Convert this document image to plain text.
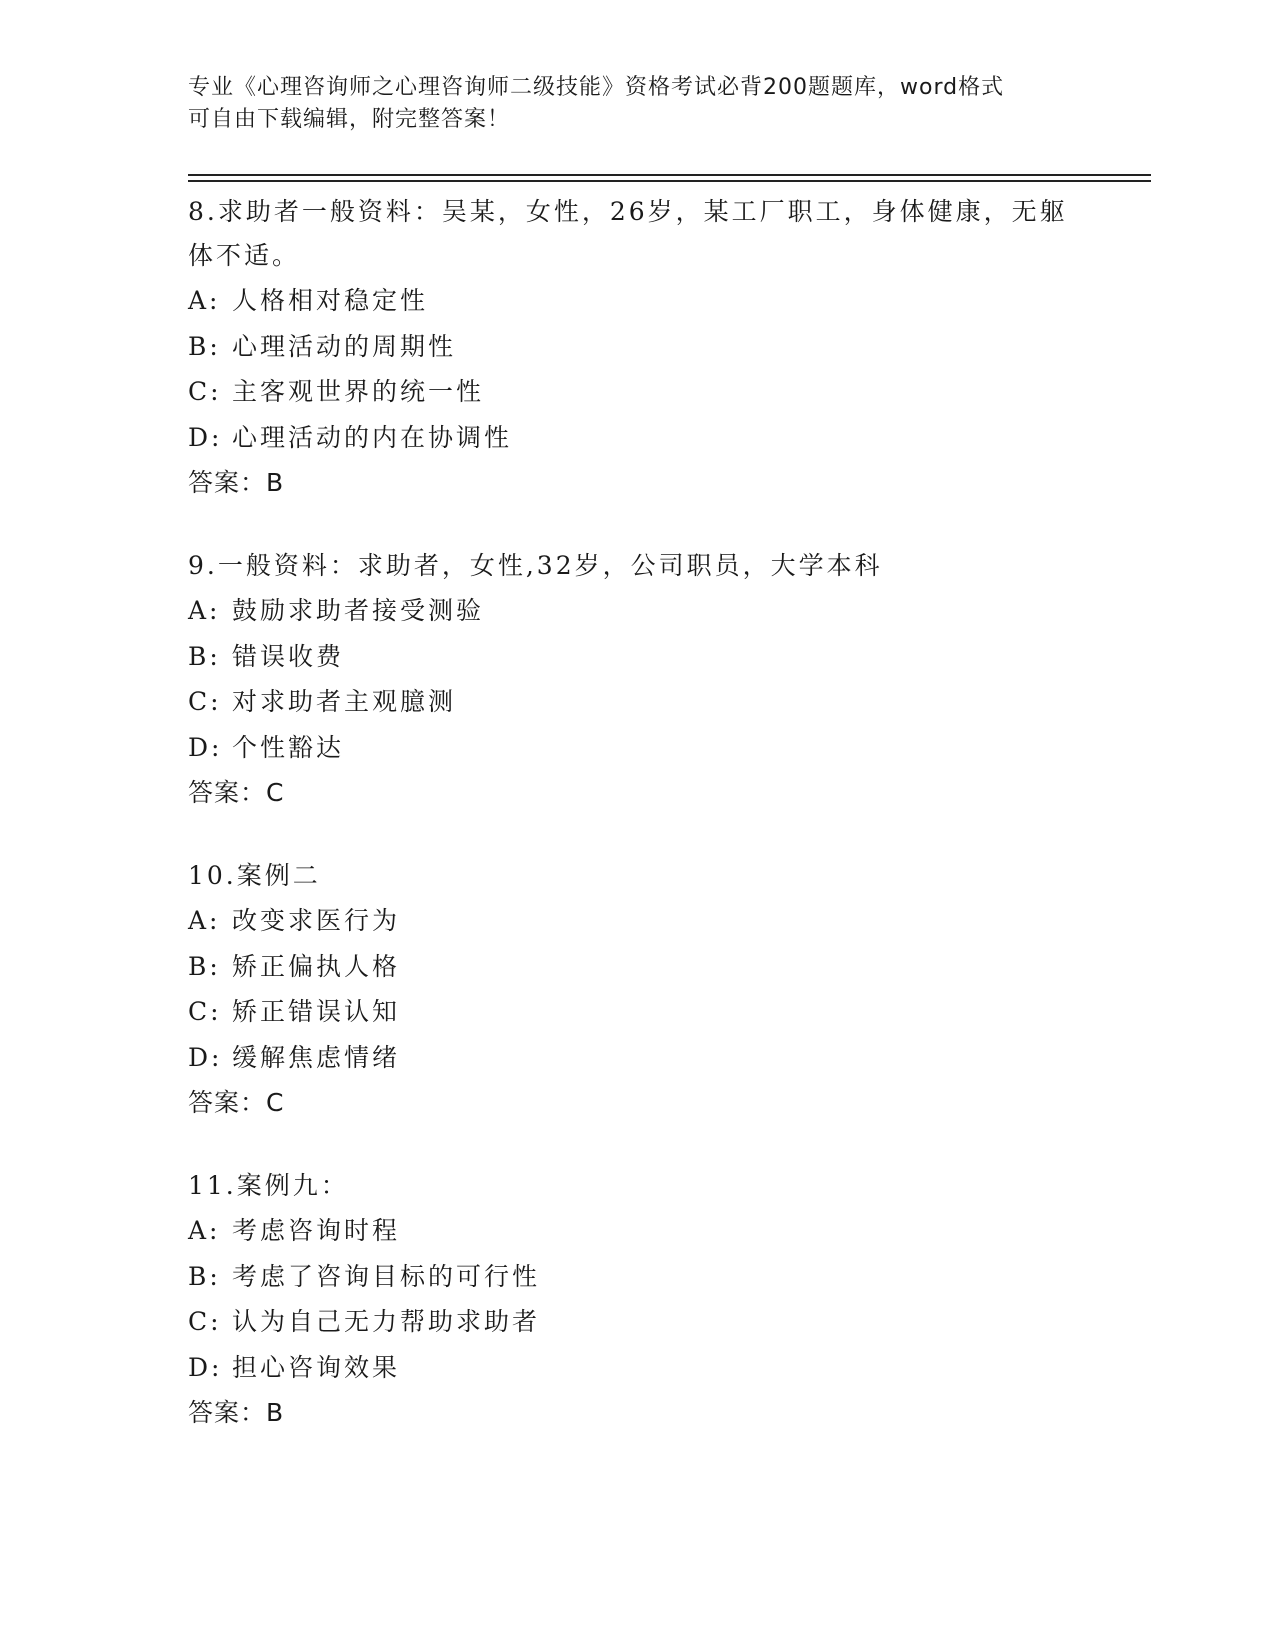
专业《心理咨询师之心理咨询师二级技能》资格考试必背200题题库，word格式
可自由下载编辑，附完整答案！
8.求助者一般资料：吴某，女性，26岁，某工厂职工，身体健康，无躯体不适。
A: 人格相对稳定性
B: 心理活动的周期性
C: 主客观世界的统一性
D: 心理活动的内在协调性
答案：B
9.一般资料：求助者，女性,32岁，公司职员，大学本科
A: 鼓励求助者接受测验
B: 错误收费
C: 对求助者主观臆测
D: 个性豁达
答案：C
10.案例二
A: 改变求医行为
B: 矫正偏执人格
C: 矫正错误认知
D: 缓解焦虑情绪
答案：C
11.案例九：
A: 考虑咨询时程
B: 考虑了咨询目标的可行性
C: 认为自己无力帮助求助者
D: 担心咨询效果
答案：B
